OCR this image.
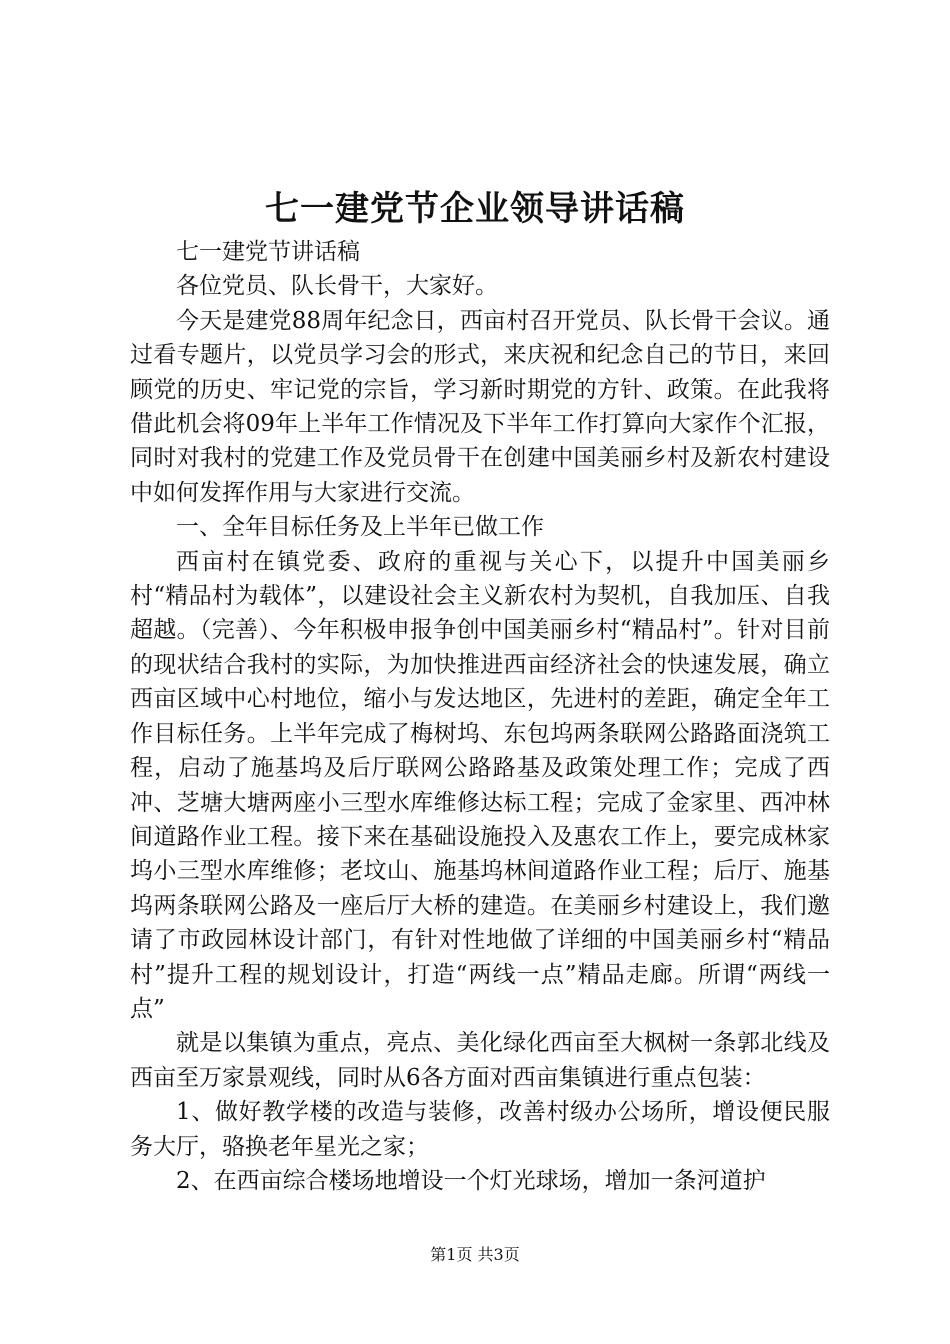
七一建党节企业领导讲话稿

七一建党节讲话稿

各位党员、队长骨干，大家好。

今天是建党88周年纪念日，西亩村召开党员、队长骨干会议。通过看专题片，以党员学习会的形式，来庆祝和纪念自己的节日，来回顾党的历史、牢记党的宗旨，学习新时期党的方针、政策。在此我将借此机会将09年上半年工作情况及下半年工作打算向大家作个汇报，同时对我村的党建工作及党员骨干在创建中国美丽乡村及新农村建设中如何发挥作用与大家进行交流。

一、全年目标任务及上半年已做工作

西亩村在镇党委、政府的重视与关心下，以提升中国美丽乡村“精品村为载体”，以建设社会主义新农村为契机，自我加压、自我超越。（完善）、今年积极申报争创中国美丽乡村“精品村”。针对目前的现状结合我村的实际，为加快推进西亩经济社会的快速发展，确立西亩区域中心村地位，缩小与发达地区，先进村的差距，确定全年工作目标任务。上半年完成了梅树坞、东包坞两条联网公路路面浇筑工程，启动了施基坞及后厅联网公路路基及政策处理工作；完成了西冲、芝塘大塘两座小三型水库维修达标工程；完成了金家里、西冲林间道路作业工程。接下来在基础设施投入及惠农工作上，要完成林家坞小三型水库维修；老坟山、施基坞林间道路作业工程；后厅、施基坞两条联网公路及一座后厅大桥的建造。在美丽乡村建设上，我们邀请了市政园林设计部门，有针对性地做了详细的中国美丽乡村“精品村”提升工程的规划设计，打造“两线一点”精品走廊。所谓“两线一点”

就是以集镇为重点，亮点、美化绿化西亩至大枫树一条郭北线及西亩至万家景观线，同时从6各方面对西亩集镇进行重点包装：

1、做好教学楼的改造与装修，改善村级办公场所，增设便民服务大厅，骆换老年星光之家；

2、在西亩综合楼场地增设一个灯光球场，增加一条河道护

第1页 共3页
